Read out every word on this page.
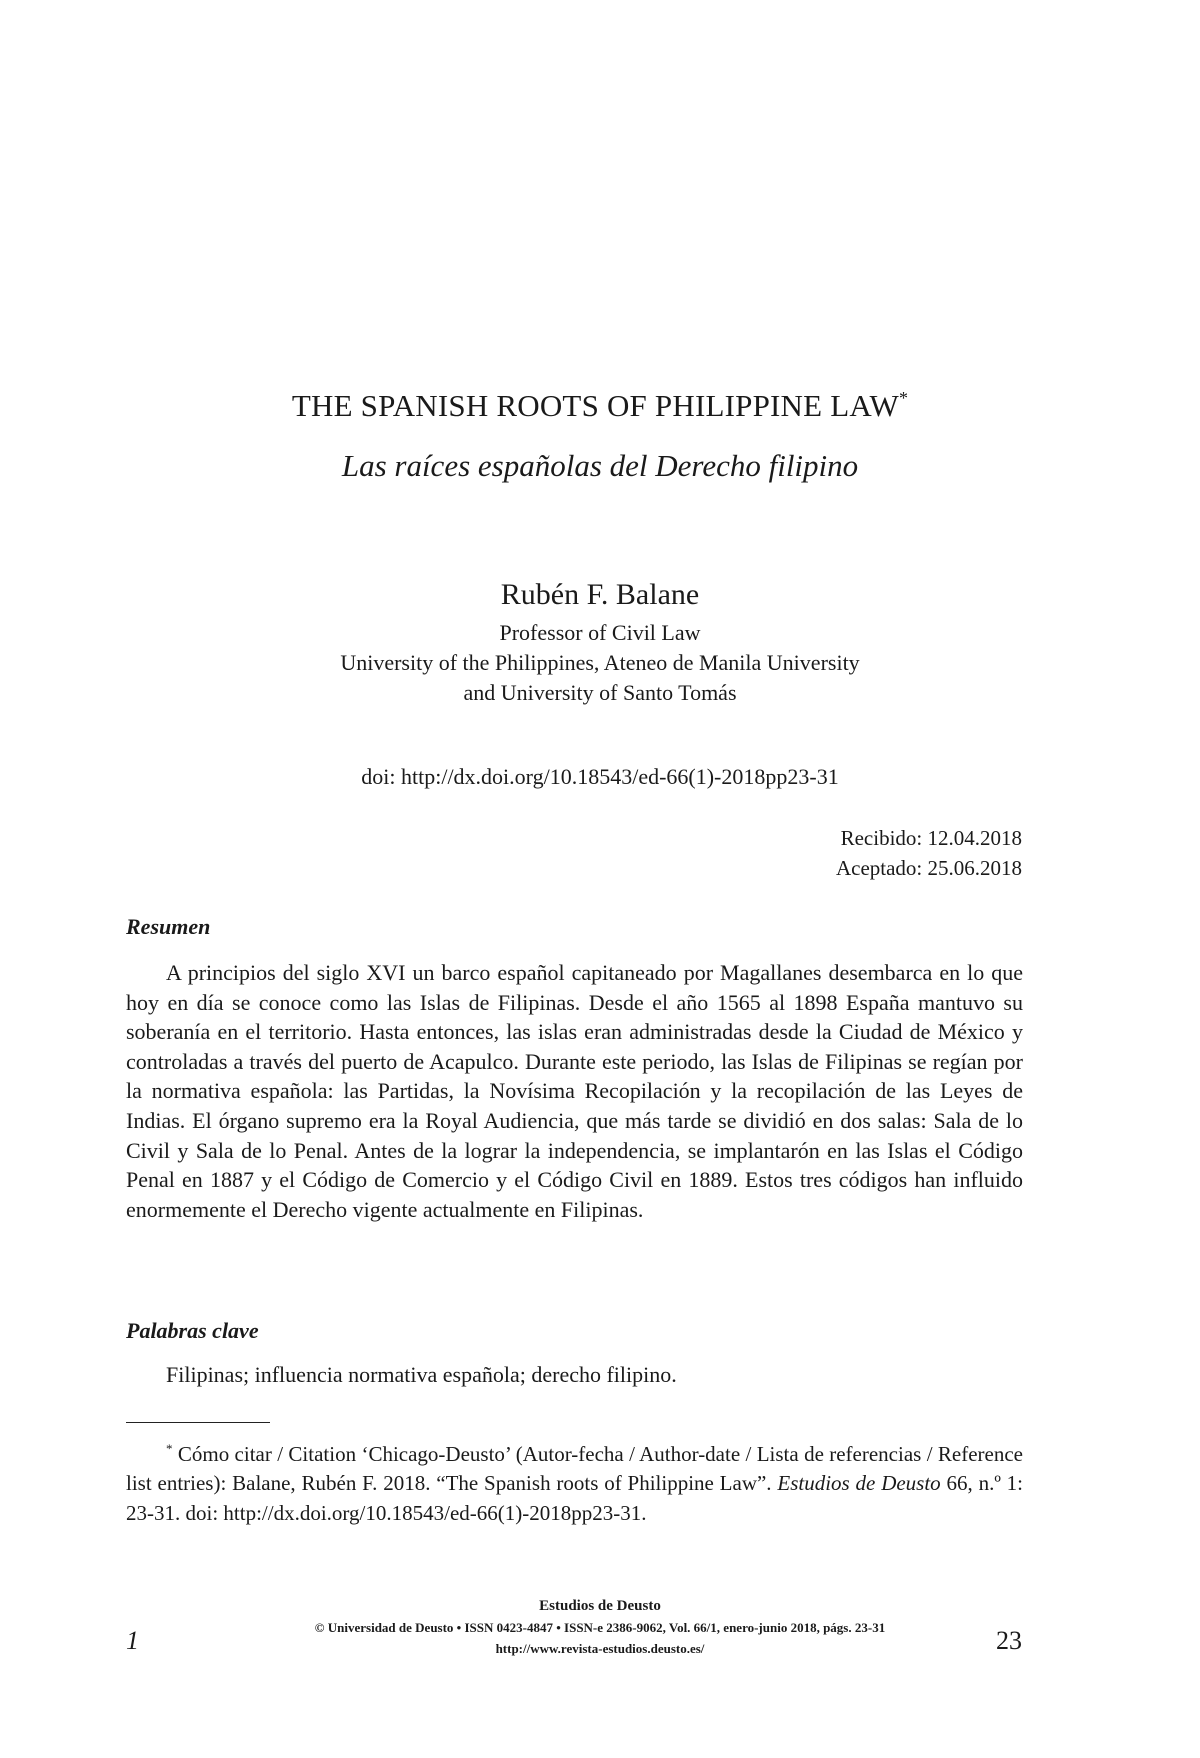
THE SPANISH ROOTS OF PHILIPPINE LAW*
Las raíces españolas del Derecho filipino
Rubén F. Balane
Professor of Civil Law
University of the Philippines, Ateneo de Manila University
and University of Santo Tomás
doi: http://dx.doi.org/10.18543/ed-66(1)-2018pp23-31
Recibido: 12.04.2018
Aceptado: 25.06.2018
Resumen

A principios del siglo XVI un barco español capitaneado por Magallanes desembarca en lo que hoy en día se conoce como las Islas de Filipinas. Desde el año 1565 al 1898 España mantuvo su soberanía en el territorio. Hasta entonces, las islas eran administradas desde la Ciudad de México y controladas a través del puerto de Acapulco. Durante este periodo, las Islas de Filipinas se regían por la normativa española: las Partidas, la Novísima Recopilación y la recopilación de las Leyes de Indias. El órgano supremo era la Royal Audiencia, que más tarde se dividió en dos salas: Sala de lo Civil y Sala de lo Penal. Antes de la lograr la independencia, se implantarón en las Islas el Código Penal en 1887 y el Código de Comercio y el Código Civil en 1889. Estos tres códigos han influido enormemente el Derecho vigente actualmente en Filipinas.

Palabras clave
Filipinas; influencia normativa española; derecho filipino.

* Cómo citar / Citation ‘Chicago-Deusto’ (Autor-fecha / Author-date / Lista de referencias / Reference list entries): Balane, Rubén F. 2018. “The Spanish roots of Philippine Law”. Estudios de Deusto 66, n.º 1: 23-31. doi: http://dx.doi.org/10.18543/ed-66(1)-2018pp23-31.

Estudios de Deusto
© Universidad de Deusto • ISSN 0423-4847 • ISSN-e 2386-9062, Vol. 66/1, enero-junio 2018, págs. 23-31
http://www.revista-estudios.deusto.es/
1	23
